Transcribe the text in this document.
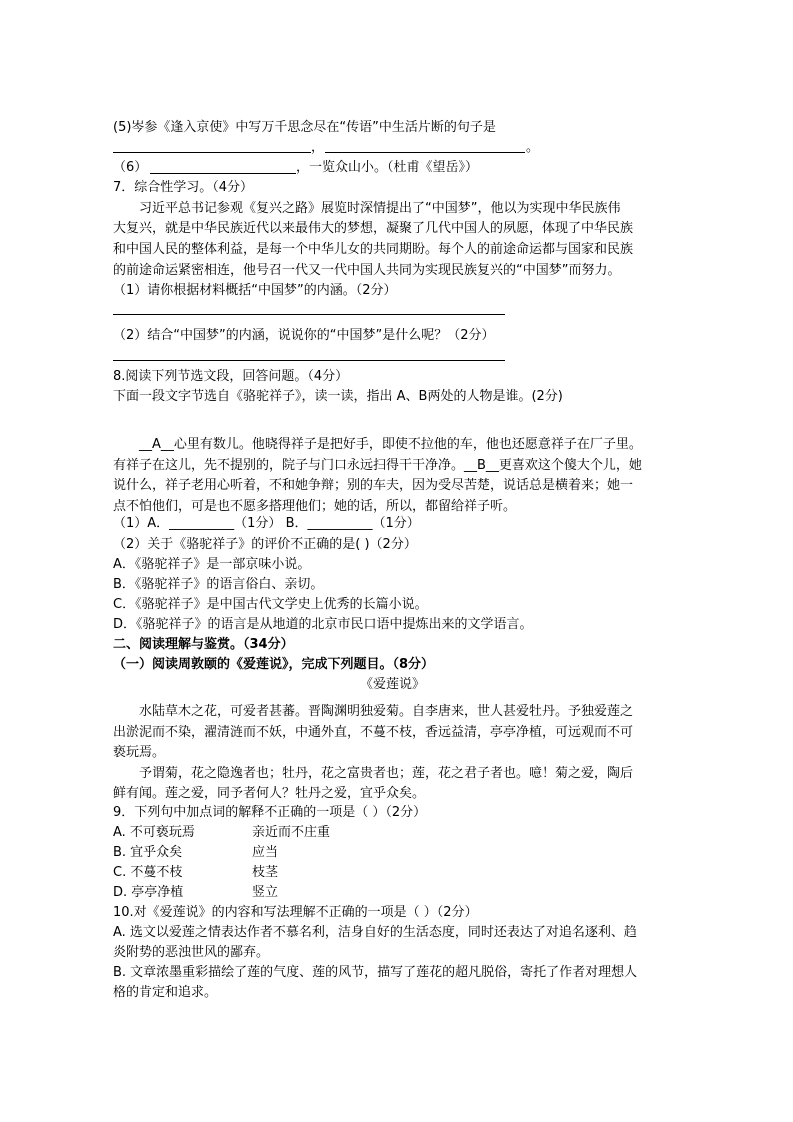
(5)岑参《逢入京使》中写万千思念尽在“传语”中生活片断的句子是
，	。
（6）	，一览众山小。（杜甫《望岳》）
7．综合性学习。（4分）
习近平总书记参观《复兴之路》展览时深情提出了“中国梦”，他以为实现中华民族伟
大复兴，就是中华民族近代以来最伟大的梦想，凝聚了几代中国人的夙愿，体现了中华民族
和中国人民的整体利益，是每一个中华儿女的共同期盼。每个人的前途命运都与国家和民族
的前途命运紧密相连，他号召一代又一代中国人共同为实现民族复兴的“中国梦”而努力。
（1）请你根据材料概括“中国梦”的内涵。（2分）
（2）结合“中国梦”的内涵，说说你的“中国梦”是什么呢？（2分）
8.阅读下列节选文段，回答问题。（4分）
下面一段文字节选自《骆驼祥子》，读一读，指出 A、B两处的人物是谁。(2分)
__A__心里有数儿。他晓得祥子是把好手，即使不拉他的车，他也还愿意祥子在厂子里。
有祥子在这儿，先不提别的，院子与门口永远扫得干干净净。__B__更喜欢这个傻大个儿，她
说什么，祥子老用心听着，不和她争辩；别的车夫，因为受尽苦楚，说话总是横着来；她一
点不怕他们，可是也不愿多搭理他们；她的话，所以，都留给祥子听。
（1）A．__________（1分） B．__________（1分）
（2）关于《骆驼祥子》的评价不正确的是( )（2分）
A．《骆驼祥子》是一部京味小说。
B．《骆驼祥子》的语言俗白、亲切。
C．《骆驼祥子》是中国古代文学史上优秀的长篇小说。
D．《骆驼祥子》的语言是从地道的北京市民口语中提炼出来的文学语言。
二、阅读理解与鉴赏。（34分）
（一）阅读周敦颐的《爱莲说》，完成下列题目。（8分）
《爱莲说》
水陆草木之花，可爱者甚蕃。晋陶渊明独爱菊。自李唐来，世人甚爱牡丹。予独爱莲之
出淤泥而不染，濯清涟而不妖，中通外直，不蔓不枝，香远益清，亭亭净植，可远观而不可
亵玩焉。
予谓菊，花之隐逸者也；牡丹，花之富贵者也；莲，花之君子者也。噫！菊之爱，陶后
鲜有闻。莲之爱，同予者何人？牡丹之爱，宜乎众矣。
9．下列句中加点词的解释不正确的一项是（ ）（2分）
A. 不可亵玩焉	亲近而不庄重
B. 宜乎众矣	应当
C. 不蔓不枝	枝茎
D. 亭亭净植	竖立
10.对《爱莲说》的内容和写法理解不正确的一项是（ ）（2分）
A. 选文以爱莲之情表达作者不慕名利，洁身自好的生活态度，同时还表达了对追名逐利、趋
炎附势的恶浊世风的鄙弃。
B. 文章浓墨重彩描绘了莲的气度、莲的风节，描写了莲花的超凡脱俗，寄托了作者对理想人
格的肯定和追求。
